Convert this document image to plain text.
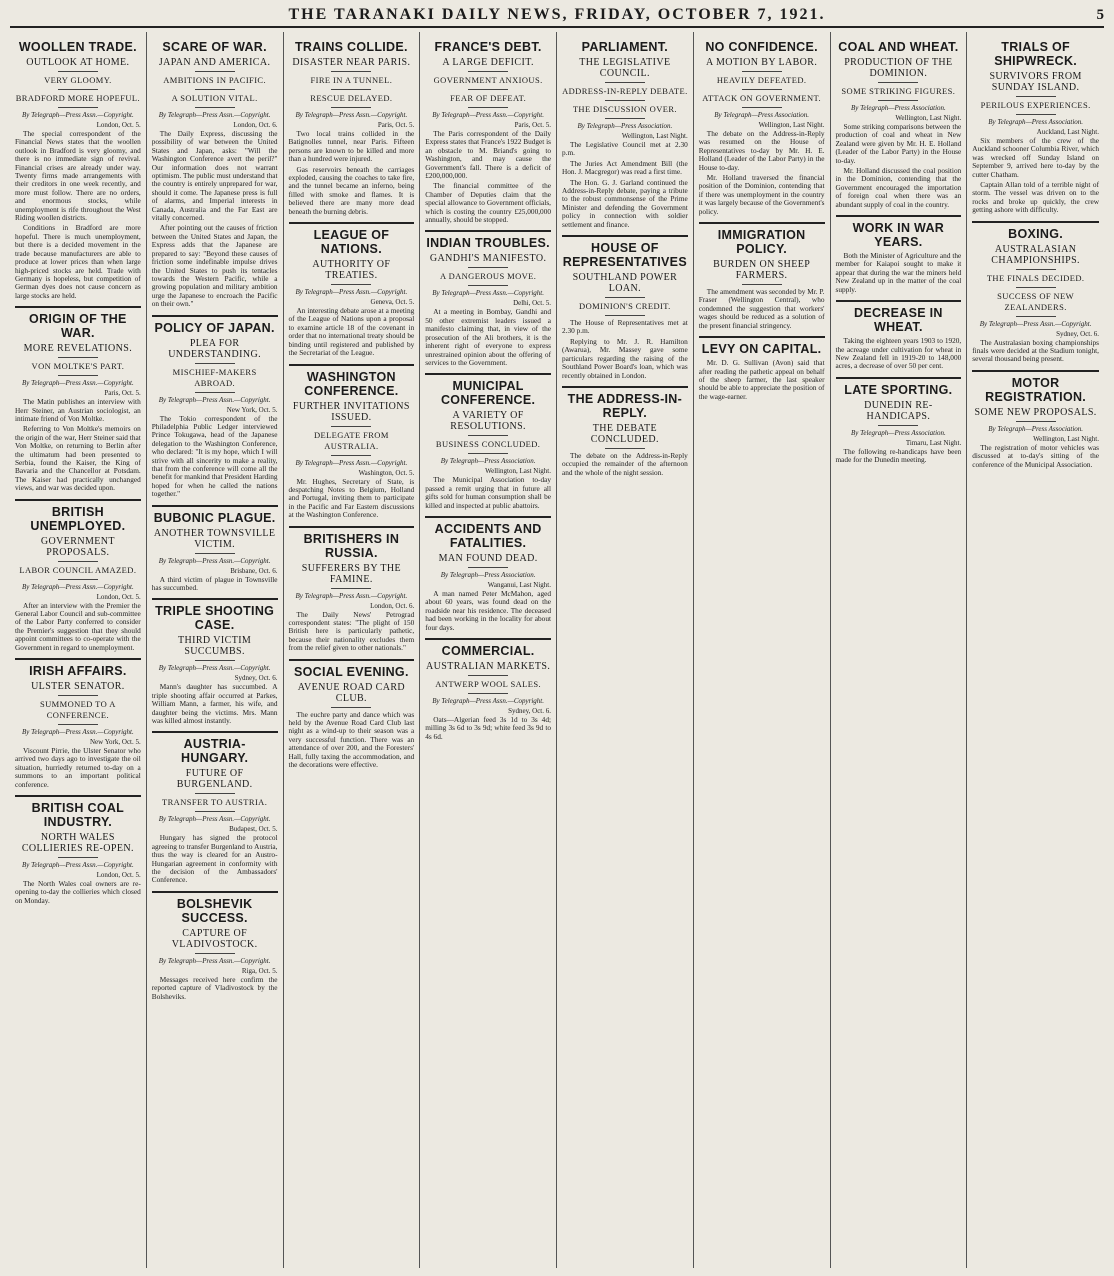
THE TARANAKI DAILY NEWS, FRIDAY, OCTOBER 7, 1921.	5
WOOLLEN TRADE.
OUTLOOK AT HOME.
VERY GLOOMY.
BRADFORD MORE HOPEFUL.
By Telegraph—Press Assn.—Copyright.
London, Oct. 5.

The special correspondent of the Financial News states that the woollen outlook in Bradford is very gloomy, and there is no immediate sign of revival. Financial crises are already under way. Twenty firms made arrangements with their creditors in one week recently, and more must follow. There are no orders, and enormous stocks, while unemployment is rife throughout the West Riding woollen districts.

Conditions in Bradford are more hopeful. There is much unemployment, but there is a decided movement in the trade because manufacturers are able to produce at lower prices than when large high-priced stocks are held. Trade with Germany is hopeless, but competition of German dyes does not cause concern as large stocks are held.

ORIGIN OF THE WAR.
MORE REVELATIONS.
VON MOLTKE'S PART.
By Telegraph—Press Assn.—Copyright.
Paris, Oct. 5.

The Matin publishes an interview with Herr Steiner, an Austrian sociologist, an intimate friend of Von Moltke.

Referring to Von Moltke's memoirs on the origin of the war, Herr Steiner said that Von Moltke, on returning to Berlin after the ultimatum had been presented to Serbia, found the Kaiser, the King of Bavaria and the Chancellor at Potsdam. The Kaiser had practically unchanged views, and war was decided upon.

BRITISH UNEMPLOYED.
GOVERNMENT PROPOSALS.
LABOR COUNCIL AMAZED.
By Telegraph—Press Assn.—Copyright.
London, Oct. 5.

After an interview with the Premier the General Labor Council and sub-committee of the Labor Party conferred to consider the Premier's suggestion that they should appoint committees to co-operate with the Government in regard to unemployment.

IRISH AFFAIRS.
ULSTER SENATOR.
SUMMONED TO A CONFERENCE.
By Telegraph—Press Assn.—Copyright.
New York, Oct. 5.

Viscount Pirrie, the Ulster Senator who arrived two days ago to investigate the oil situation, hurriedly returned to-day on a summons to an important political conference.

BRITISH COAL INDUSTRY.
NORTH WALES COLLIERIES RE-OPEN.
By Telegraph—Press Assn.—Copyright.
London, Oct. 5.

The North Wales coal owners are re-opening to-day the collieries which closed on Monday.

SCARE OF WAR.
JAPAN AND AMERICA.
AMBITIONS IN PACIFIC.
A SOLUTION VITAL.
By Telegraph—Press Assn.—Copyright.
London, Oct. 6.

The Daily Express, discussing the possibility of war between the United States and Japan, asks: "Will the Washington Conference avert the peril?" Our information does not warrant optimism. The public must understand that the country is entirely unprepared for war, should it come. The Japanese press is full of alarms, and Imperial interests in Canada, Australia and the Far East are vitally concerned.

After pointing out the causes of friction between the United States and Japan, the Express adds that the Japanese are prepared to say: "Beyond these causes of friction some indefinable impulse drives the United States to push its tentacles towards the Western Pacific, while a growing population and military ambition urge the Japanese to encroach the Pacific on their own."

POLICY OF JAPAN.
PLEA FOR UNDERSTANDING.
MISCHIEF-MAKERS ABROAD.
By Telegraph—Press Assn.—Copyright.
New York, Oct. 5.

The Tokio correspondent of the Philadelphia Public Ledger interviewed Prince Tokugawa, head of the Japanese delegation to the Washington Conference, who declared: "It is my hope, which I will strive with all sincerity to make a reality, that from the conference will come all the benefit for mankind that President Harding hoped for when he called the nations together."

BUBONIC PLAGUE.
ANOTHER TOWNSVILLE VICTIM.
By Telegraph—Press Assn.—Copyright.
Brisbane, Oct. 6.

A third victim of plague in Townsville has succumbed.

TRIPLE SHOOTING CASE.
THIRD VICTIM SUCCUMBS.
By Telegraph—Press Assn.—Copyright.
Sydney, Oct. 6.

Mann's daughter has succumbed. A triple shooting affair occurred at Parkes, William Mann, a farmer, his wife, and daughter being the victims. Mrs. Mann was killed almost instantly.

AUSTRIA-HUNGARY.
FUTURE OF BURGENLAND.
TRANSFER TO AUSTRIA.
By Telegraph—Press Assn.—Copyright.
Budapest, Oct. 5.

Hungary has signed the protocol agreeing to transfer Burgenland to Austria, thus the way is cleared for an Austro-Hungarian agreement in conformity with the decision of the Ambassadors' Conference.

BOLSHEVIK SUCCESS.
CAPTURE OF VLADIVOSTOCK.
By Telegraph—Press Assn.—Copyright.
Riga, Oct. 5.

Messages received here confirm the reported capture of Vladivostock by the Bolsheviks.

TRAINS COLLIDE.
DISASTER NEAR PARIS.
FIRE IN A TUNNEL.
RESCUE DELAYED.
By Telegraph—Press Assn.—Copyright.
Paris, Oct. 5.

Two local trains collided in the Batignolles tunnel, near Paris. Fifteen persons are known to be killed and more than a hundred were injured.

Gas reservoirs beneath the carriages exploded, causing the coaches to take fire, and the tunnel became an inferno, being filled with smoke and flames. It is believed there are many more dead beneath the burning debris.

LEAGUE OF NATIONS.
AUTHORITY OF TREATIES.
By Telegraph—Press Assn.—Copyright.
Geneva, Oct. 5.

An interesting debate arose at a meeting of the League of Nations upon a proposal to examine article 18 of the covenant in order that no international treaty should be binding until registered and published by the Secretariat of the League.

WASHINGTON CONFERENCE.
FURTHER INVITATIONS ISSUED.
DELEGATE FROM AUSTRALIA.
By Telegraph—Press Assn.—Copyright.
Washington, Oct. 5.

Mr. Hughes, Secretary of State, is despatching Notes to Belgium, Holland and Portugal, inviting them to participate in the Pacific and Far Eastern discussions at the Washington Conference.

BRITISHERS IN RUSSIA.
SUFFERERS BY THE FAMINE.
By Telegraph—Press Assn.—Copyright.
London, Oct. 6.

The Daily News' Petrograd correspondent states: "The plight of 150 British here is particularly pathetic, because their nationality excludes them from the relief given to other nationals."

SOCIAL EVENING.
AVENUE ROAD CARD CLUB.

The euchre party and dance which was held by the Avenue Road Card Club last night as a wind-up to their season was a very successful function. There was an attendance of over 200, and the Foresters' Hall, fully taxing the accommodation, and the decorations were effective.

FRANCE'S DEBT.
A LARGE DEFICIT.
GOVERNMENT ANXIOUS.
FEAR OF DEFEAT.
By Telegraph—Press Assn.—Copyright.
Paris, Oct. 5.

The Paris correspondent of the Daily Express states that France's 1922 Budget is an obstacle to M. Briand's going to Washington, and may cause the Government's fall. There is a deficit of £200,000,000.

The financial committee of the Chamber of Deputies claim that the special allowance to Government officials, which is costing the country £25,000,000 annually, should be stopped.

INDIAN TROUBLES.
GANDHI'S MANIFESTO.
A DANGEROUS MOVE.
By Telegraph—Press Assn.—Copyright.
Delhi, Oct. 5.

At a meeting in Bombay, Gandhi and 50 other extremist leaders issued a manifesto claiming that, in view of the prosecution of the Ali brothers, it is the inherent right of everyone to express unrestrained opinion about the offering of services to the Government.

MUNICIPAL CONFERENCE.
A VARIETY OF RESOLUTIONS.
BUSINESS CONCLUDED.
By Telegraph—Press Association.
Wellington, Last Night.

The Municipal Association to-day passed a remit urging that in future all gifts sold for human consumption shall be killed and inspected at public abattoirs.

ACCIDENTS AND FATALITIES.
MAN FOUND DEAD.
By Telegraph—Press Association.
Wanganui, Last Night.

A man named Peter McMahon, aged about 60 years, was found dead on the roadside near his residence. The deceased had been working in the locality for about four days.

COMMERCIAL.
AUSTRALIAN MARKETS.
ANTWERP WOOL SALES.
By Telegraph—Press Assn.—Copyright.
Sydney, Oct. 6.

Oats—Algerian feed 3s 1d to 3s 4d; milling 3s 6d to 3s 9d; white feed 3s 9d to 4s 6d.

PARLIAMENT.
THE LEGISLATIVE COUNCIL.
ADDRESS-IN-REPLY DEBATE.
THE DISCUSSION OVER.
By Telegraph—Press Association.
Wellington, Last Night.

The Legislative Council met at 2.30 p.m.

The Juries Act Amendment Bill (the Hon. J. Macgregor) was read a first time.

The Hon. G. J. Garland continued the Address-in-Reply debate, paying a tribute to the robust commonsense of the Prime Minister and defending the Government policy in connection with soldier settlement and finance.

HOUSE OF REPRESENTATIVES
SOUTHLAND POWER LOAN.
DOMINION'S CREDIT.

The House of Representatives met at 2.30 p.m.

Replying to Mr. J. R. Hamilton (Awarua), Mr. Massey gave some particulars regarding the raising of the Southland Power Board's loan, which was recently obtained in London.

THE ADDRESS-IN-REPLY.
THE DEBATE CONCLUDED.

The debate on the Address-in-Reply occupied the remainder of the afternoon and the whole of the night session.

NO CONFIDENCE.
A MOTION BY LABOR.
HEAVILY DEFEATED.
ATTACK ON GOVERNMENT.
By Telegraph—Press Association.
Wellington, Last Night.

The debate on the Address-in-Reply was resumed on the House of Representatives to-day by Mr. H. E. Holland (Leader of the Labor Party) in the House to-day.

Mr. Holland traversed the financial position of the Dominion, contending that if there was unemployment in the country it was largely because of the Government's policy.

IMMIGRATION POLICY.
BURDEN ON SHEEP FARMERS.

The amendment was seconded by Mr. P. Fraser (Wellington Central), who condemned the suggestion that workers' wages should be reduced as a solution of the present financial stringency.

LEVY ON CAPITAL.

Mr. D. G. Sullivan (Avon) said that after reading the pathetic appeal on behalf of the sheep farmer, the last speaker should be able to appreciate the position of the wage-earner.

COAL AND WHEAT.
PRODUCTION OF THE DOMINION.
SOME STRIKING FIGURES.
By Telegraph—Press Association.
Wellington, Last Night.

Some striking comparisons between the production of coal and wheat in New Zealand were given by Mr. H. E. Holland (Leader of the Labor Party) in the House to-day.

Mr. Holland discussed the coal position in the Dominion, contending that the Government encouraged the importation of foreign coal when there was an abundant supply of coal in the country.

WORK IN WAR YEARS.

Both the Minister of Agriculture and the member for Kaiapoi sought to make it appear that during the war the miners held New Zealand up in the matter of the coal supply.

DECREASE IN WHEAT.

Taking the eighteen years 1903 to 1920, the acreage under cultivation for wheat in New Zealand fell in 1919-20 to 148,000 acres, a decrease of over 50 per cent.

LATE SPORTING.
DUNEDIN RE-HANDICAPS.
By Telegraph—Press Association.
Timaru, Last Night.

The following re-handicaps have been made for the Dunedin meeting.

TRIALS OF SHIPWRECK.
SURVIVORS FROM SUNDAY ISLAND.
PERILOUS EXPERIENCES.
By Telegraph—Press Association.
Auckland, Last Night.

Six members of the crew of the Auckland schooner Columbia River, which was wrecked off Sunday Island on September 9, arrived here to-day by the cutter Chatham.

Captain Allan told of a terrible night of storm. The vessel was driven on to the rocks and broke up quickly, the crew getting ashore with difficulty.

BOXING.
AUSTRALASIAN CHAMPIONSHIPS.
THE FINALS DECIDED.
SUCCESS OF NEW ZEALANDERS.
By Telegraph—Press Assn.—Copyright.
Sydney, Oct. 6.

The Australasian boxing championships finals were decided at the Stadium tonight, several thousand being present.

MOTOR REGISTRATION.
SOME NEW PROPOSALS.
By Telegraph—Press Association.
Wellington, Last Night.

The registration of motor vehicles was discussed at to-day's sitting of the conference of the Municipal Association.
